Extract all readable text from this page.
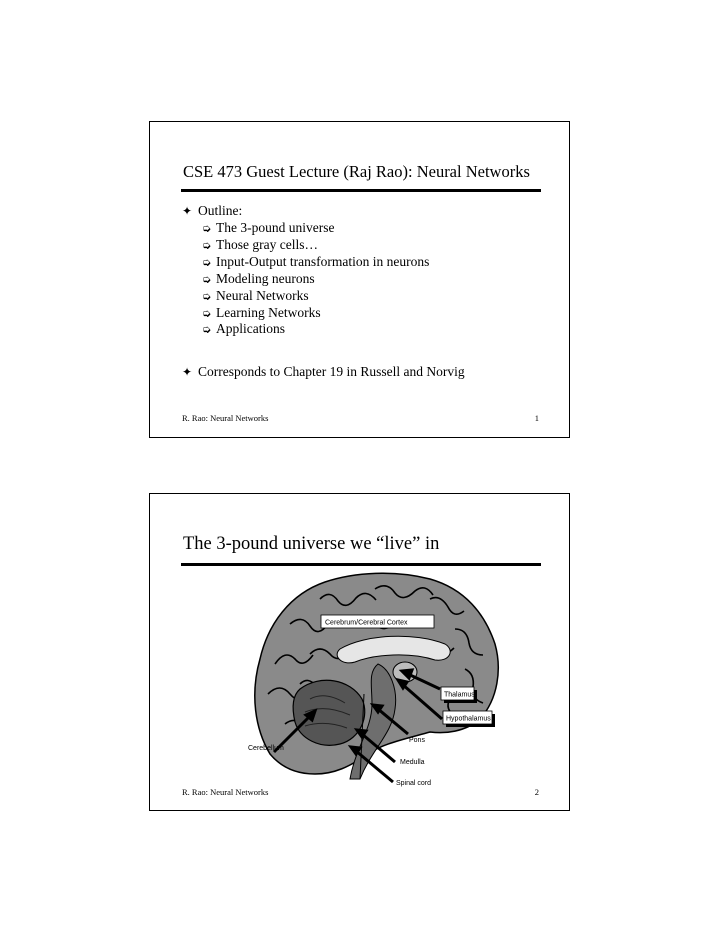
CSE 473 Guest Lecture (Raj Rao): Neural Networks
✦ Outline:
➭ The 3-pound universe
➭ Those gray cells…
➭ Input-Output transformation in neurons
➭ Modeling neurons
➭ Neural Networks
➭ Learning Networks
➭ Applications
✦ Corresponds to Chapter 19 in Russell and Norvig
R. Rao: Neural Networks	1
The 3-pound universe we “live” in
Cerebrum/Cerebral Cortex
Thalamus
Hypothalamus
Pons
Cerebellum
Medulla
Spinal cord
R. Rao: Neural Networks	2
